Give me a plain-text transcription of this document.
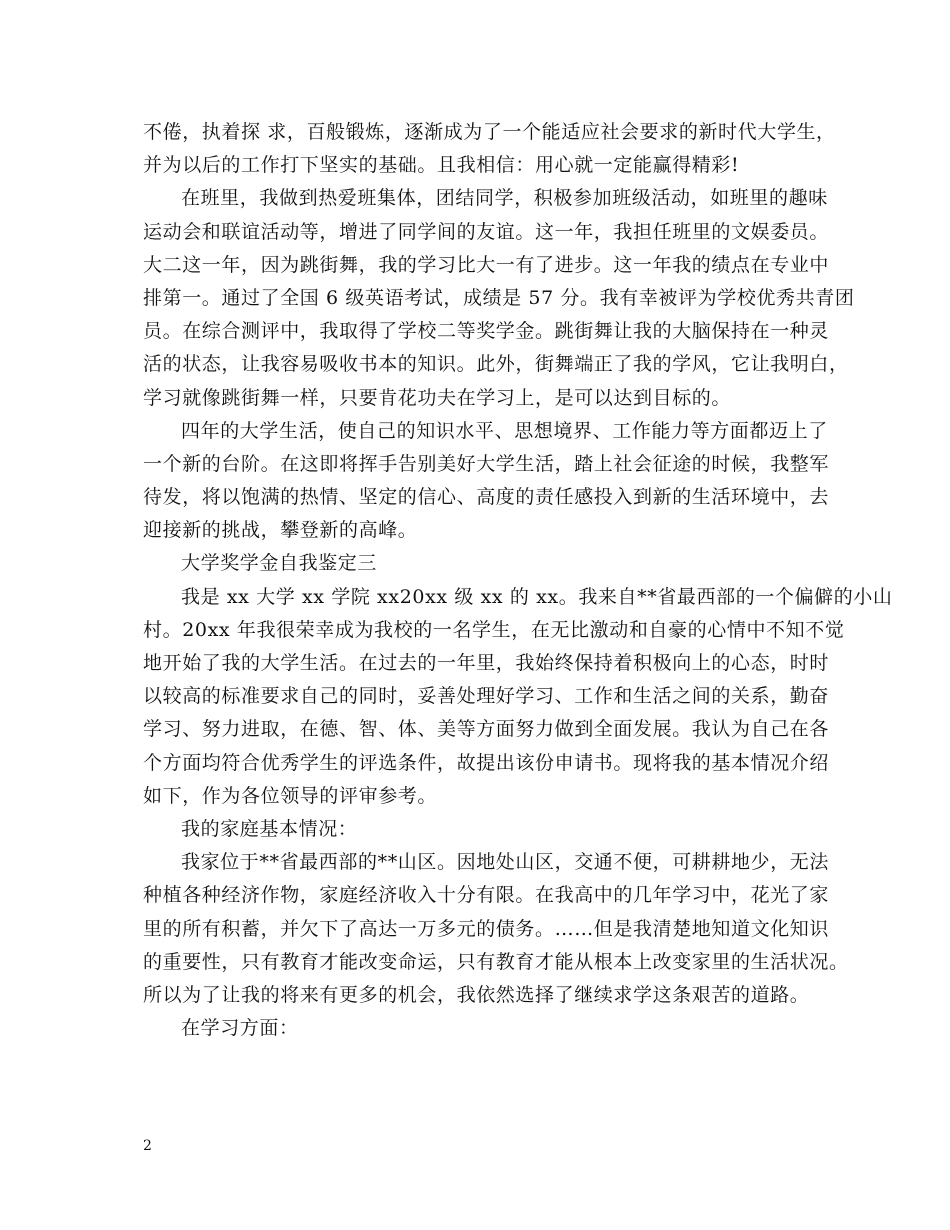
不倦，执着探 求，百般锻炼，逐渐成为了一个能适应社会要求的新时代大学生，
并为以后的工作打下坚实的基础。且我相信：用心就一定能赢得精彩!
在班里，我做到热爱班集体，团结同学，积极参加班级活动，如班里的趣味
运动会和联谊活动等，增进了同学间的友谊。这一年，我担任班里的文娱委员。
大二这一年，因为跳街舞，我的学习比大一有了进步。这一年我的绩点在专业中
排第一。通过了全国 6 级英语考试，成绩是 57 分。我有幸被评为学校优秀共青团
员。在综合测评中，我取得了学校二等奖学金。跳街舞让我的大脑保持在一种灵
活的状态，让我容易吸收书本的知识。此外，街舞端正了我的学风，它让我明白，
学习就像跳街舞一样，只要肯花功夫在学习上，是可以达到目标的。
四年的大学生活，使自己的知识水平、思想境界、工作能力等方面都迈上了
一个新的台阶。在这即将挥手告别美好大学生活，踏上社会征途的时候，我整军
待发，将以饱满的热情、坚定的信心、高度的责任感投入到新的生活环境中，去
迎接新的挑战，攀登新的高峰。
大学奖学金自我鉴定三
我是 xx 大学 xx 学院 xx20xx 级 xx 的 xx。我来自**省最西部的一个偏僻的小山
村。20xx 年我很荣幸成为我校的一名学生，在无比激动和自豪的心情中不知不觉
地开始了我的大学生活。在过去的一年里，我始终保持着积极向上的心态，时时
以较高的标准要求自己的同时，妥善处理好学习、工作和生活之间的关系，勤奋
学习、努力进取，在德、智、体、美等方面努力做到全面发展。我认为自己在各
个方面均符合优秀学生的评选条件，故提出该份申请书。现将我的基本情况介绍
如下，作为各位领导的评审参考。
我的家庭基本情况：
我家位于**省最西部的**山区。因地处山区，交通不便，可耕耕地少，无法
种植各种经济作物，家庭经济收入十分有限。在我高中的几年学习中，花光了家
里的所有积蓄，并欠下了高达一万多元的债务。……但是我清楚地知道文化知识
的重要性，只有教育才能改变命运，只有教育才能从根本上改变家里的生活状况。
所以为了让我的将来有更多的机会，我依然选择了继续求学这条艰苦的道路。
在学习方面：
2
